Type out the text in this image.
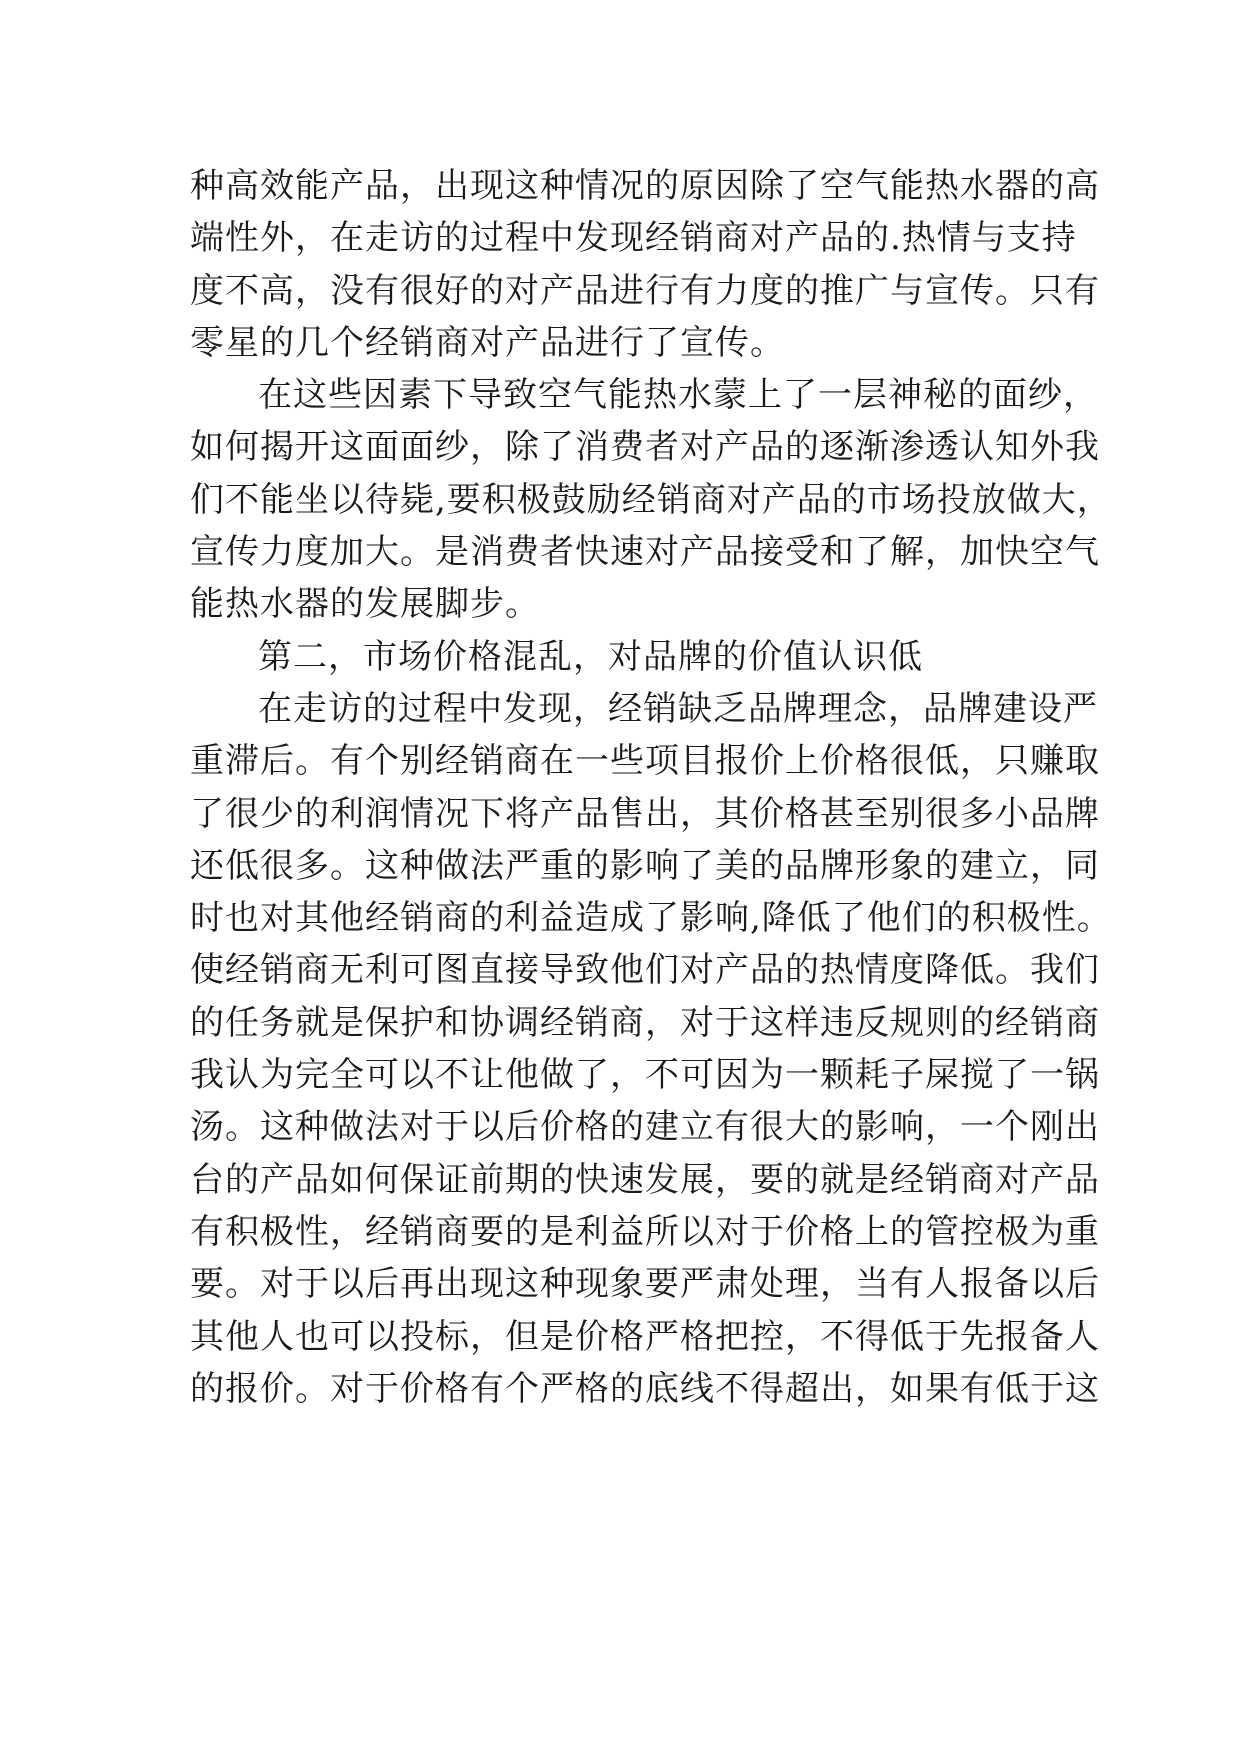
种高效能产品，出现这种情况的原因除了空气能热水器的高
端性外，在走访的过程中发现经销商对产品的.热情与支持
度不高，没有很好的对产品进行有力度的推广与宣传。只有
零星的几个经销商对产品进行了宣传。
在这些因素下导致空气能热水蒙上了一层神秘的面纱，
如何揭开这面面纱，除了消费者对产品的逐渐渗透认知外我
们不能坐以待毙,要积极鼓励经销商对产品的市场投放做大，
宣传力度加大。是消费者快速对产品接受和了解，加快空气
能热水器的发展脚步。
第二，市场价格混乱，对品牌的价值认识低
在走访的过程中发现，经销缺乏品牌理念，品牌建设严
重滞后。有个别经销商在一些项目报价上价格很低，只赚取
了很少的利润情况下将产品售出，其价格甚至别很多小品牌
还低很多。这种做法严重的影响了美的品牌形象的建立，同
时也对其他经销商的利益造成了影响,降低了他们的积极性。
使经销商无利可图直接导致他们对产品的热情度降低。我们
的任务就是保护和协调经销商，对于这样违反规则的经销商
我认为完全可以不让他做了，不可因为一颗耗子屎搅了一锅
汤。这种做法对于以后价格的建立有很大的影响，一个刚出
台的产品如何保证前期的快速发展，要的就是经销商对产品
有积极性，经销商要的是利益所以对于价格上的管控极为重
要。对于以后再出现这种现象要严肃处理，当有人报备以后
其他人也可以投标，但是价格严格把控，不得低于先报备人
的报价。对于价格有个严格的底线不得超出，如果有低于这
